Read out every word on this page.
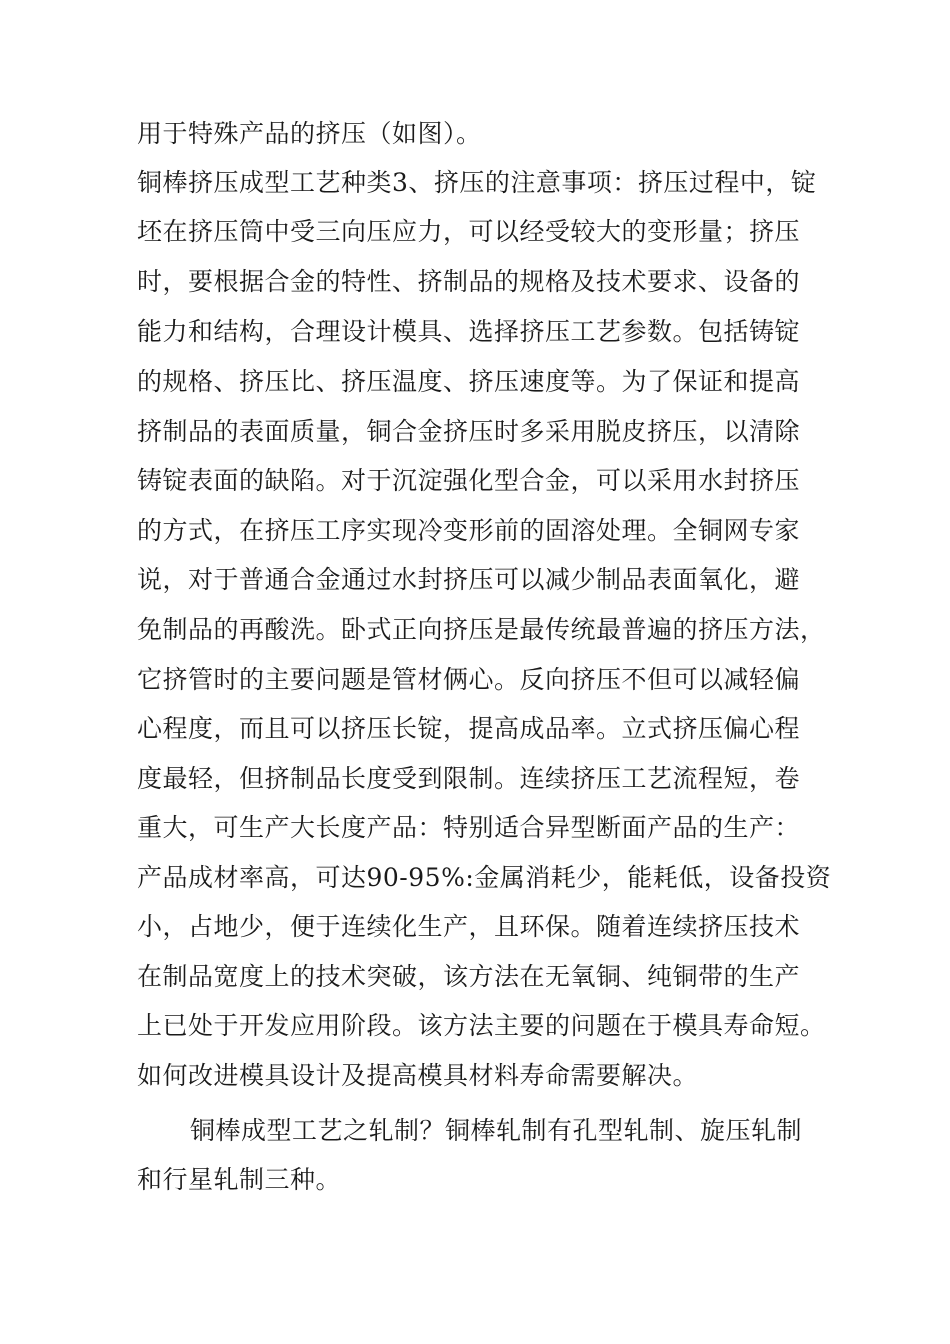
用于特殊产品的挤压（如图）。
铜棒挤压成型工艺种类3、挤压的注意事项：挤压过程中，锭
坯在挤压筒中受三向压应力，可以经受较大的变形量；挤压
时，要根据合金的特性、挤制品的规格及技术要求、设备的
能力和结构，合理设计模具、选择挤压工艺参数。包括铸锭
的规格、挤压比、挤压温度、挤压速度等。为了保证和提高
挤制品的表面质量，铜合金挤压时多采用脱皮挤压，以清除
铸锭表面的缺陷。对于沉淀强化型合金，可以采用水封挤压
的方式，在挤压工序实现冷变形前的固溶处理。全铜网专家
说，对于普通合金通过水封挤压可以减少制品表面氧化，避
免制品的再酸洗。卧式正向挤压是最传统最普遍的挤压方法，
它挤管时的主要问题是管材俩心。反向挤压不但可以减轻偏
心程度，而且可以挤压长锭，提高成品率。立式挤压偏心程
度最轻，但挤制品长度受到限制。连续挤压工艺流程短，卷
重大，可生产大长度产品：特别适合异型断面产品的生产：
产品成材率高，可达90-95%:金属消耗少，能耗低，设备投资
小，占地少，便于连续化生产，且环保。随着连续挤压技术
在制品宽度上的技术突破，该方法在无氧铜、纯铜带的生产
上已处于开发应用阶段。该方法主要的问题在于模具寿命短。
如何改进模具设计及提高模具材料寿命需要解决。
铜棒成型工艺之轧制？铜棒轧制有孔型轧制、旋压轧制
和行星轧制三种。
